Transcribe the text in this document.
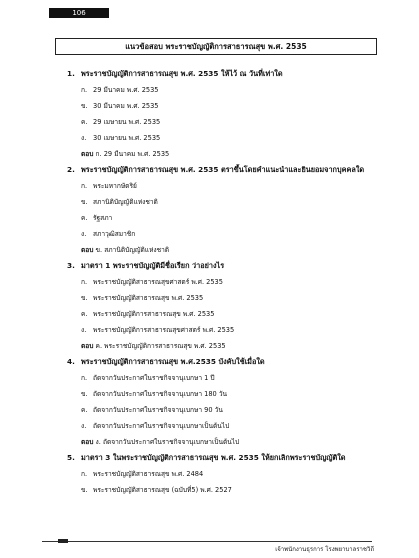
106
แนวข้อสอบ พระราชบัญญัติการสาธารณสุข พ.ศ. 2535
1. พระราชบัญญัติการสาธารณสุข พ.ศ. 2535 ให้ไว้ ณ วันที่เท่าใด
ก. 29 มีนาคม พ.ศ. 2535
ข. 30 มีนาคม พ.ศ. 2535
ค. 29 เมษายน พ.ศ. 2535
ง.	30 เมษายน พ.ศ. 2535
ตอบ ก. 29 มีนาคม พ.ศ. 2535
2. พระราชบัญญัติการสาธารณสุข พ.ศ. 2535 ตราขึ้นโดยคำแนะนำและยินยอมจากบุคคลใด
ก. พระมหากษัตริย์
ข. สภานิติบัญญัติแห่งชาติ
ค. รัฐสภา
ง.	สภาวุฒิสมาชิก
ตอบ ข. สภานิติบัญญัติแห่งชาติ
3. มาตรา 1 พระราชบัญญัติมีชื่อเรียก ว่าอย่างไร
ก. พระราชบัญญัติสาธารณสุขศาสตร์ พ.ศ. 2535
ข. พระราชบัญญัติสาธารณสุข พ.ศ. 2535
ค. พระราชบัญญัติการสาธารณสุข พ.ศ. 2535
ง.	พระราชบัญญัติการสาธารณสุขศาสตร์ พ.ศ. 2535
ตอบ ค. พระราชบัญญัติการสาธารณสุข พ.ศ. 2535
4. พระราชบัญญัติการสาธารณสุข พ.ศ.2535 บังคับใช้เมื่อใด
ก. ถัดจากวันประกาศในราชกิจจานุเบกษา 1 ปี
ข. ถัดจากวันประกาศในราชกิจจานุเบกษา 180 วัน
ค. ถัดจากวันประกาศในราชกิจจานุเบกษา 90 วัน
ง.	ถัดจากวันประกาศในราชกิจจานุเบกษาเป็นต้นไป
ตอบ ง. ถัดจากวันประกาศในราชกิจจานุเบกษาเป็นต้นไป
5. มาตรา 3 ในพระราชบัญญัติการสาธารณสุข พ.ศ. 2535 ให้ยกเลิกพระราชบัญญัติใด
ก. พระราชบัญญัติสาธารณสุข พ.ศ. 2484
ข. พระราชบัญญัติสาธารณสุข (ฉบับที่5) พ.ศ. 2527
เจ้าพนักงานธุรการ โรงพยาบาลราชวิถี
